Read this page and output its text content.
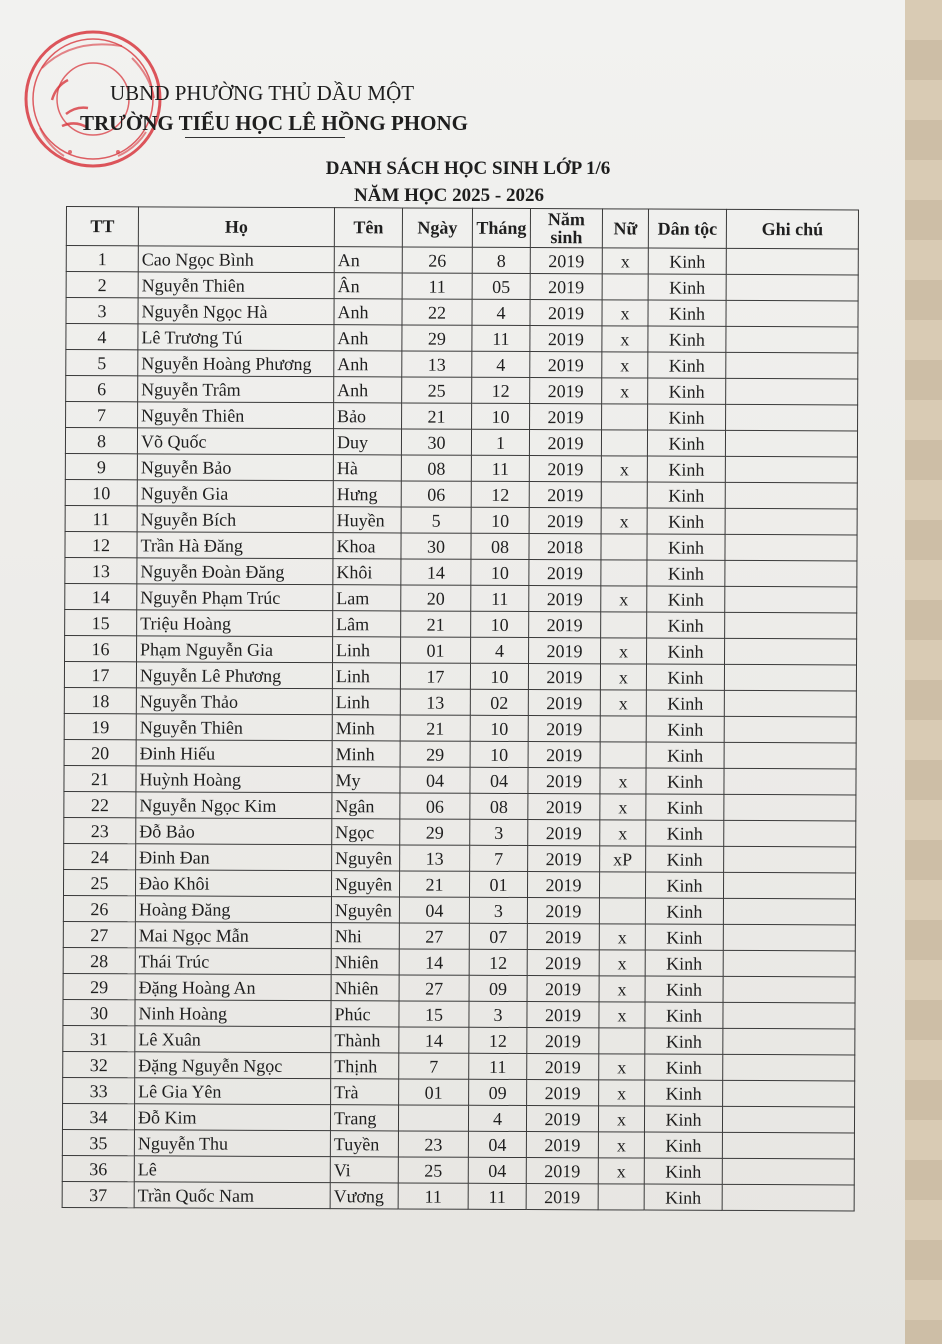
UBND PHƯỜNG THỦ DẦU MỘT
TRƯỜNG TIỂU HỌC LÊ HỒNG PHONG
DANH SÁCH HỌC SINH LỚP 1/6
NĂM HỌC 2025 - 2026
TT	Họ	Tên	Ngày	Tháng	Năm sinh	Nữ	Dân tộc	Ghi chú
1	Cao Ngọc Bình	An	26	8	2019	x	Kinh	
2	Nguyễn Thiên	Ân	11	05	2019		Kinh	
3	Nguyễn Ngọc Hà	Anh	22	4	2019	x	Kinh	
4	Lê Trương Tú	Anh	29	11	2019	x	Kinh	
5	Nguyễn Hoàng Phương	Anh	13	4	2019	x	Kinh	
6	Nguyễn Trâm	Anh	25	12	2019	x	Kinh	
7	Nguyễn Thiên	Bảo	21	10	2019		Kinh	
8	Võ Quốc	Duy	30	1	2019		Kinh	
9	Nguyễn Bảo	Hà	08	11	2019	x	Kinh	
10	Nguyễn Gia	Hưng	06	12	2019		Kinh	
11	Nguyễn Bích	Huyền	5	10	2019	x	Kinh	
12	Trần Hà Đăng	Khoa	30	08	2018		Kinh	
13	Nguyễn Đoàn Đăng	Khôi	14	10	2019		Kinh	
14	Nguyễn Phạm Trúc	Lam	20	11	2019	x	Kinh	
15	Triệu Hoàng	Lâm	21	10	2019		Kinh	
16	Phạm Nguyễn Gia	Linh	01	4	2019	x	Kinh	
17	Nguyễn Lê Phương	Linh	17	10	2019	x	Kinh	
18	Nguyễn Thảo	Linh	13	02	2019	x	Kinh	
19	Nguyễn Thiên	Minh	21	10	2019		Kinh	
20	Đinh Hiếu	Minh	29	10	2019		Kinh	
21	Huỳnh Hoàng	My	04	04	2019	x	Kinh	
22	Nguyễn Ngọc Kim	Ngân	06	08	2019	x	Kinh	
23	Đỗ Bảo	Ngọc	29	3	2019	x	Kinh	
24	Đinh Đan	Nguyên	13	7	2019	xP	Kinh	
25	Đào Khôi	Nguyên	21	01	2019		Kinh	
26	Hoàng Đăng	Nguyên	04	3	2019		Kinh	
27	Mai Ngọc Mẫn	Nhi	27	07	2019	x	Kinh	
28	Thái Trúc	Nhiên	14	12	2019	x	Kinh	
29	Đặng Hoàng An	Nhiên	27	09	2019	x	Kinh	
30	Ninh Hoàng	Phúc	15	3	2019	x	Kinh	
31	Lê Xuân	Thành	14	12	2019		Kinh	
32	Đặng Nguyễn Ngọc	Thịnh	7	11	2019	x	Kinh	
33	Lê Gia Yên	Trà	01	09	2019	x	Kinh	
34	Đỗ Kim	Trang		4	2019	x	Kinh	
35	Nguyễn Thu	Tuyền	23	04	2019	x	Kinh	
36	Lê	Vi	25	04	2019	x	Kinh	
37	Trần Quốc Nam	Vương	11	11	2019		Kinh	
